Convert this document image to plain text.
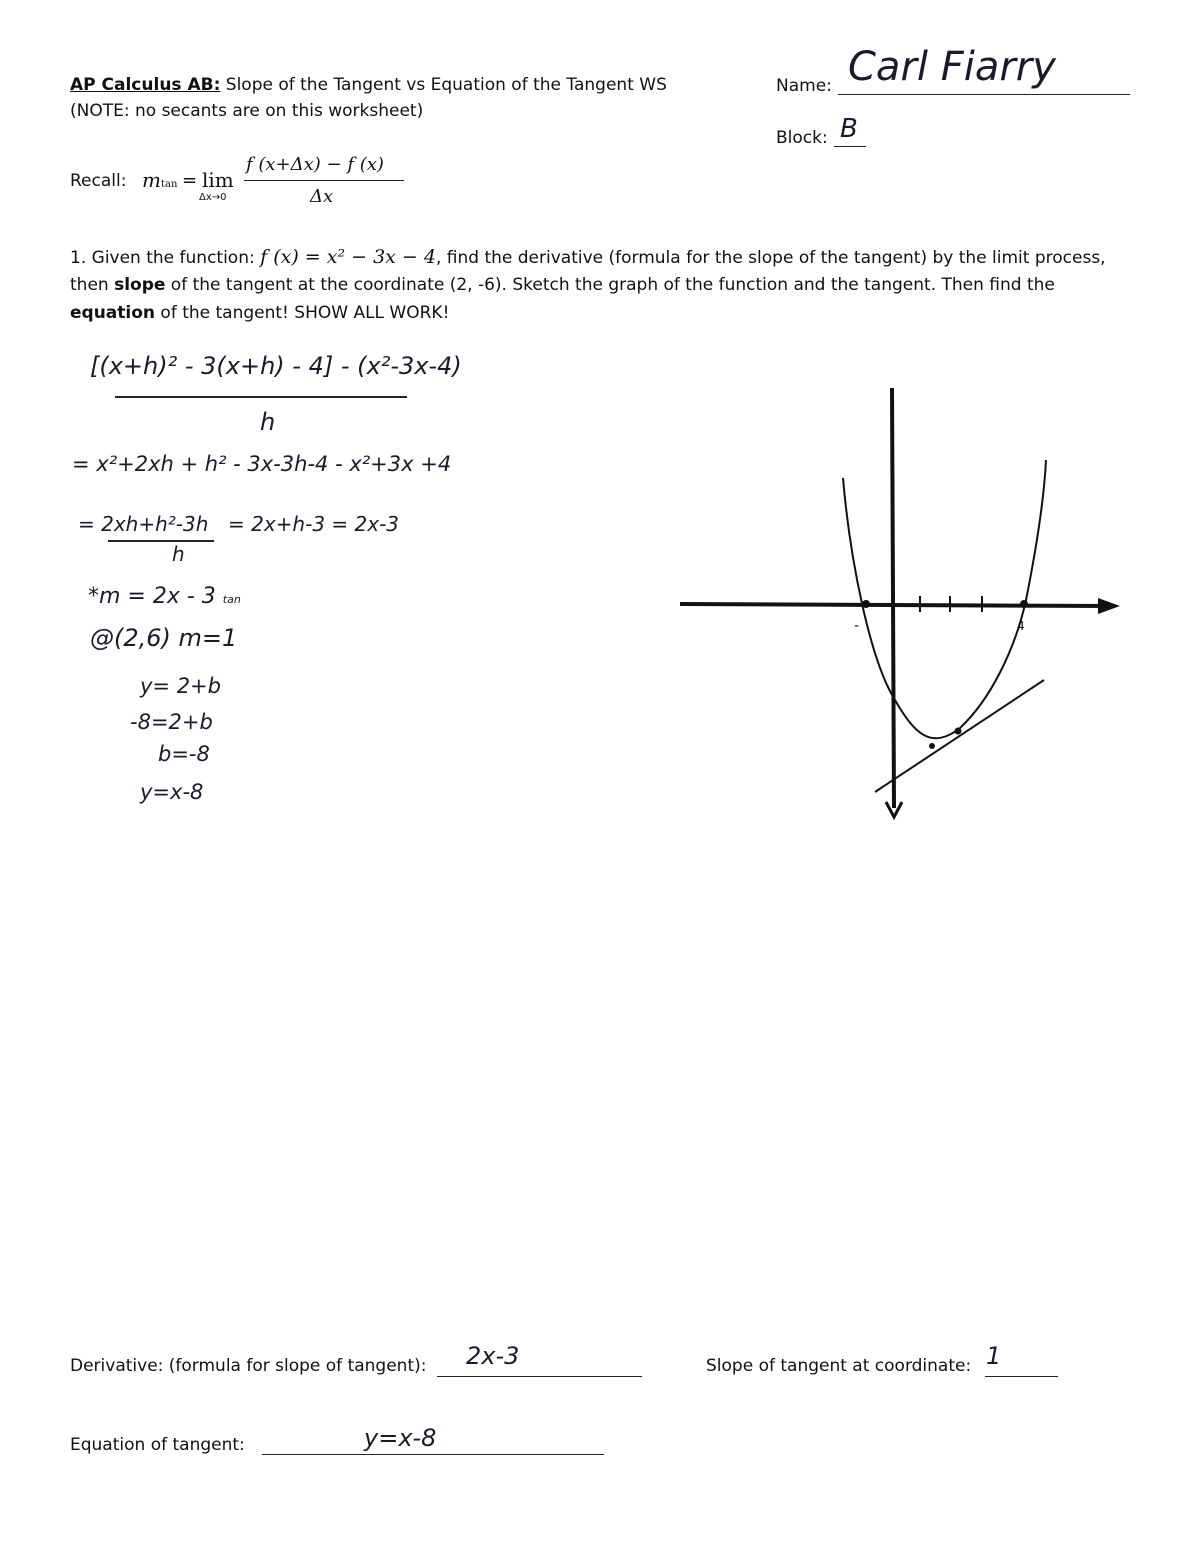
AP Calculus AB: Slope of the Tangent vs Equation of the Tangent WS
(NOTE: no secants are on this worksheet)
Name: Carl Fiarry
Block: B
Recall: mtan = lim
Δx→0
f (x+Δx) − f (x)
Δx
1. Given the function: f (x) = x² − 3x − 4, find the derivative (formula for the slope of the tangent) by the limit process,
then slope of the tangent at the coordinate (2, -6). Sketch the graph of the function and the tangent. Then find the
equation of the tangent! SHOW ALL WORK!
[(x+h)² - 3(x+h) - 4] - (x²-3x-4)
h
= x²+2xh + h² - 3x-3h-4 - x²+3x +4
= 2xh+h²-3h
h
= 2x+h-3 = 2x-3
*m = 2x - 3 tan
@(2,6) m=1
y= 2+b
-8=2+b
b=-8
y=x-8
-	4
Derivative: (formula for slope of tangent): 2x-3	Slope of tangent at coordinate: 1
Equation of tangent:	y=x-8
